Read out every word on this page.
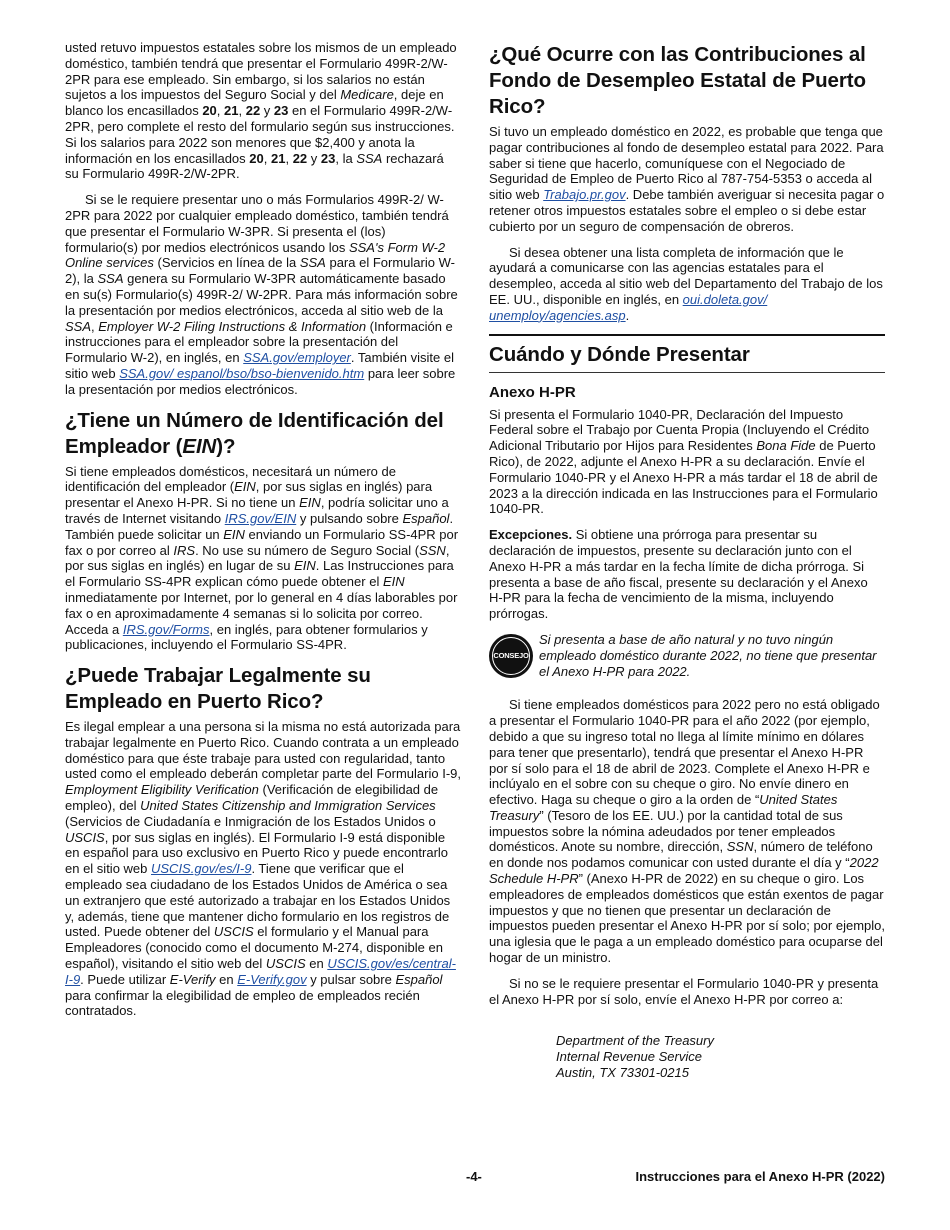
usted retuvo impuestos estatales sobre los mismos de un empleado doméstico, también tendrá que presentar el Formulario 499R-2/W-2PR para ese empleado. Sin embargo, si los salarios no están sujetos a los impuestos del Seguro Social y del Medicare, deje en blanco los encasillados 20, 21, 22 y 23 en el Formulario 499R-2/W-2PR, pero complete el resto del formulario según sus instrucciones. Si los salarios para 2022 son menores que $2,400 y anota la información en los encasillados 20, 21, 22 y 23, la SSA rechazará su Formulario 499R-2/W-2PR.

Si se le requiere presentar uno o más Formularios 499R-2/ W-2PR para 2022 por cualquier empleado doméstico, también tendrá que presentar el Formulario W-3PR. Si presenta el (los) formulario(s) por medios electrónicos usando los SSA's Form W-2 Online services (Servicios en línea de la SSA para el Formulario W-2), la SSA genera su Formulario W-3PR automáticamente basado en su(s) Formulario(s) 499R-2/ W-2PR. Para más información sobre la presentación por medios electrónicos, acceda al sitio web de la SSA, Employer W-2 Filing Instructions & Information (Información e instrucciones para el empleador sobre la presentación del Formulario W-2), en inglés, en SSA.gov/employer. También visite el sitio web SSA.gov/ espanol/bso/bso-bienvenido.htm para leer sobre la presentación por medios electrónicos.

¿Tiene un Número de Identificación del Empleador (EIN)?

Si tiene empleados domésticos, necesitará un número de identificación del empleador (EIN, por sus siglas en inglés) para presentar el Anexo H-PR. Si no tiene un EIN, podría solicitar uno a través de Internet visitando IRS.gov/EIN y pulsando sobre Español. También puede solicitar un EIN enviando un Formulario SS-4PR por fax o por correo al IRS. No use su número de Seguro Social (SSN, por sus siglas en inglés) en lugar de su EIN. Las Instrucciones para el Formulario SS-4PR explican cómo puede obtener el EIN inmediatamente por Internet, por lo general en 4 días laborables por fax o en aproximadamente 4 semanas si lo solicita por correo. Acceda a IRS.gov/Forms, en inglés, para obtener formularios y publicaciones, incluyendo el Formulario SS-4PR.

¿Puede Trabajar Legalmente su Empleado en Puerto Rico?

Es ilegal emplear a una persona si la misma no está autorizada para trabajar legalmente en Puerto Rico. Cuando contrata a un empleado doméstico para que éste trabaje para usted con regularidad, tanto usted como el empleado deberán completar parte del Formulario I-9, Employment Eligibility Verification (Verificación de elegibilidad de empleo), del United States Citizenship and Immigration Services (Servicios de Ciudadanía e Inmigración de los Estados Unidos o USCIS, por sus siglas en inglés). El Formulario I-9 está disponible en español para uso exclusivo en Puerto Rico y puede encontrarlo en el sitio web USCIS.gov/es/I-9. Tiene que verificar que el empleado sea ciudadano de los Estados Unidos de América o sea un extranjero que esté autorizado a trabajar en los Estados Unidos y, además, tiene que mantener dicho formulario en los registros de usted. Puede obtener del USCIS el formulario y el Manual para Empleadores (conocido como el documento M-274, disponible en español), visitando el sitio web del USCIS en USCIS.gov/es/central-I-9. Puede utilizar E-Verify en E-Verify.gov y pulsar sobre Español para confirmar la elegibilidad de empleo de empleados recién contratados.

¿Qué Ocurre con las Contribuciones al Fondo de Desempleo Estatal de Puerto Rico?

Si tuvo un empleado doméstico en 2022, es probable que tenga que pagar contribuciones al fondo de desempleo estatal para 2022. Para saber si tiene que hacerlo, comuníquese con el Negociado de Seguridad de Empleo de Puerto Rico al 787-754-5353 o acceda al sitio web Trabajo.pr.gov. Debe también averiguar si necesita pagar o retener otros impuestos estatales sobre el empleo o si debe estar cubierto por un seguro de compensación de obreros.

Si desea obtener una lista completa de información que le ayudará a comunicarse con las agencias estatales para el desempleo, acceda al sitio web del Departamento del Trabajo de los EE. UU., disponible en inglés, en oui.doleta.gov/ unemploy/agencies.asp.

Cuándo y Dónde Presentar
Anexo H-PR

Si presenta el Formulario 1040-PR, Declaración del Impuesto Federal sobre el Trabajo por Cuenta Propia (Incluyendo el Crédito Adicional Tributario por Hijos para Residentes Bona Fide de Puerto Rico), de 2022, adjunte el Anexo H-PR a su declaración. Envíe el Formulario 1040-PR y el Anexo H-PR a más tardar el 18 de abril de 2023 a la dirección indicada en las Instrucciones para el Formulario 1040-PR.

Excepciones. Si obtiene una prórroga para presentar su declaración de impuestos, presente su declaración junto con el Anexo H-PR a más tardar en la fecha límite de dicha prórroga. Si presenta a base de año fiscal, presente su declaración y el Anexo H-PR para la fecha de vencimiento de la misma, incluyendo prórrogas.

CONSEJO
Si presenta a base de año natural y no tuvo ningún empleado doméstico durante 2022, no tiene que presentar el Anexo H-PR para 2022.

Si tiene empleados domésticos para 2022 pero no está obligado a presentar el Formulario 1040-PR para el año 2022 (por ejemplo, debido a que su ingreso total no llega al límite mínimo en dólares para tener que presentarlo), tendrá que presentar el Anexo H-PR por sí solo para el 18 de abril de 2023. Complete el Anexo H-PR e inclúyalo en el sobre con su cheque o giro. No envíe dinero en efectivo. Haga su cheque o giro a la orden de “United States Treasury” (Tesoro de los EE. UU.) por la cantidad total de sus impuestos sobre la nómina adeudados por tener empleados domésticos. Anote su nombre, dirección, SSN, número de teléfono en donde nos podamos comunicar con usted durante el día y “2022 Schedule H-PR” (Anexo H-PR de 2022) en su cheque o giro. Los empleadores de empleados domésticos que están exentos de pagar impuestos y que no tienen que presentar un declaración de impuestos pueden presentar el Anexo H-PR por sí solo; por ejemplo, una iglesia que le paga a un empleado doméstico para ocuparse del hogar de un ministro.

Si no se le requiere presentar el Formulario 1040-PR y presenta el Anexo H-PR por sí solo, envíe el Anexo H-PR por correo a:

Department of the Treasury
Internal Revenue Service
Austin, TX 73301-0215
-4-	Instrucciones para el Anexo H-PR (2022)
